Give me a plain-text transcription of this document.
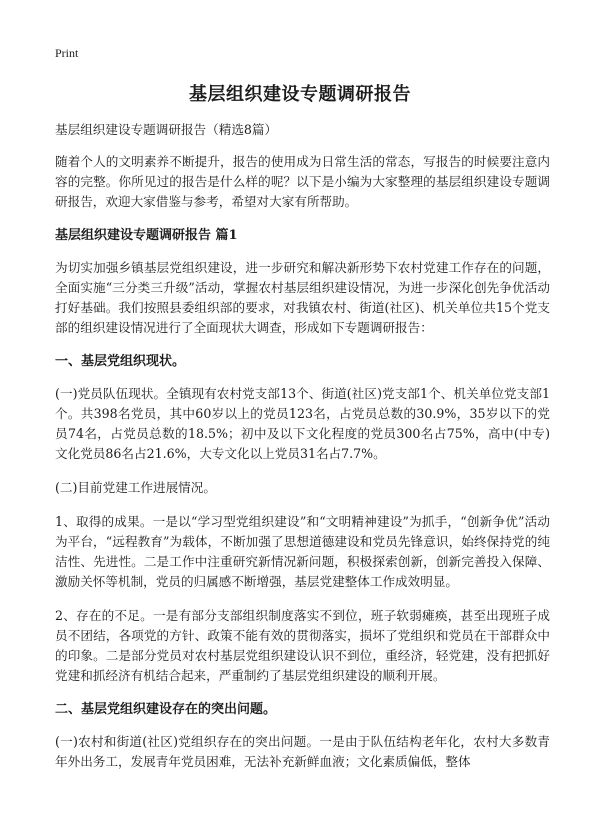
Print
基层组织建设专题调研报告

基层组织建设专题调研报告（精选8篇）

随着个人的文明素养不断提升，报告的使用成为日常生活的常态，写报告的时候要注意内容的完整。你所见过的报告是什么样的呢？以下是小编为大家整理的基层组织建设专题调研报告，欢迎大家借鉴与参考，希望对大家有所帮助。

基层组织建设专题调研报告 篇1

为切实加强乡镇基层党组织建设，进一步研究和解决新形势下农村党建工作存在的问题，全面实施“三分类三升级”活动，掌握农村基层组织建设情况，为进一步深化创先争优活动打好基础。我们按照县委组织部的要求，对我镇农村、街道(社区)、机关单位共15个党支部的组织建设情况进行了全面现状大调查，形成如下专题调研报告：

一、基层党组织现状。

(一)党员队伍现状。全镇现有农村党支部13个、街道(社区)党支部1个、机关单位党支部1个。共398名党员，其中60岁以上的党员123名，占党员总数的30.9%，35岁以下的党员74名，占党员总数的18.5%；初中及以下文化程度的党员300名占75%，高中(中专)文化党员86名占21.6%，大专文化以上党员31名占7.7%。

(二)目前党建工作进展情况。

1、取得的成果。一是以“学习型党组织建设”和“文明精神建设”为抓手，“创新争优”活动为平台，“远程教育”为载体，不断加强了思想道德建设和党员先锋意识，始终保持党的纯洁性、先进性。二是工作中注重研究新情况新问题，积极探索创新，创新完善投入保障、激励关怀等机制，党员的归属感不断增强，基层党建整体工作成效明显。

2、存在的不足。一是有部分支部组织制度落实不到位，班子软弱瘫痪，甚至出现班子成员不团结，各项党的方针、政策不能有效的贯彻落实，损坏了党组织和党员在干部群众中的印象。二是部分党员对农村基层党组织建设认识不到位，重经济，轻党建，没有把抓好党建和抓经济有机结合起来，严重制约了基层党组织建设的顺利开展。

二、基层党组织建设存在的突出问题。

(一)农村和街道(社区)党组织存在的突出问题。一是由于队伍结构老年化，农村大多数青年外出务工，发展青年党员困难，无法补充新鲜血液；文化素质偏低，整体
